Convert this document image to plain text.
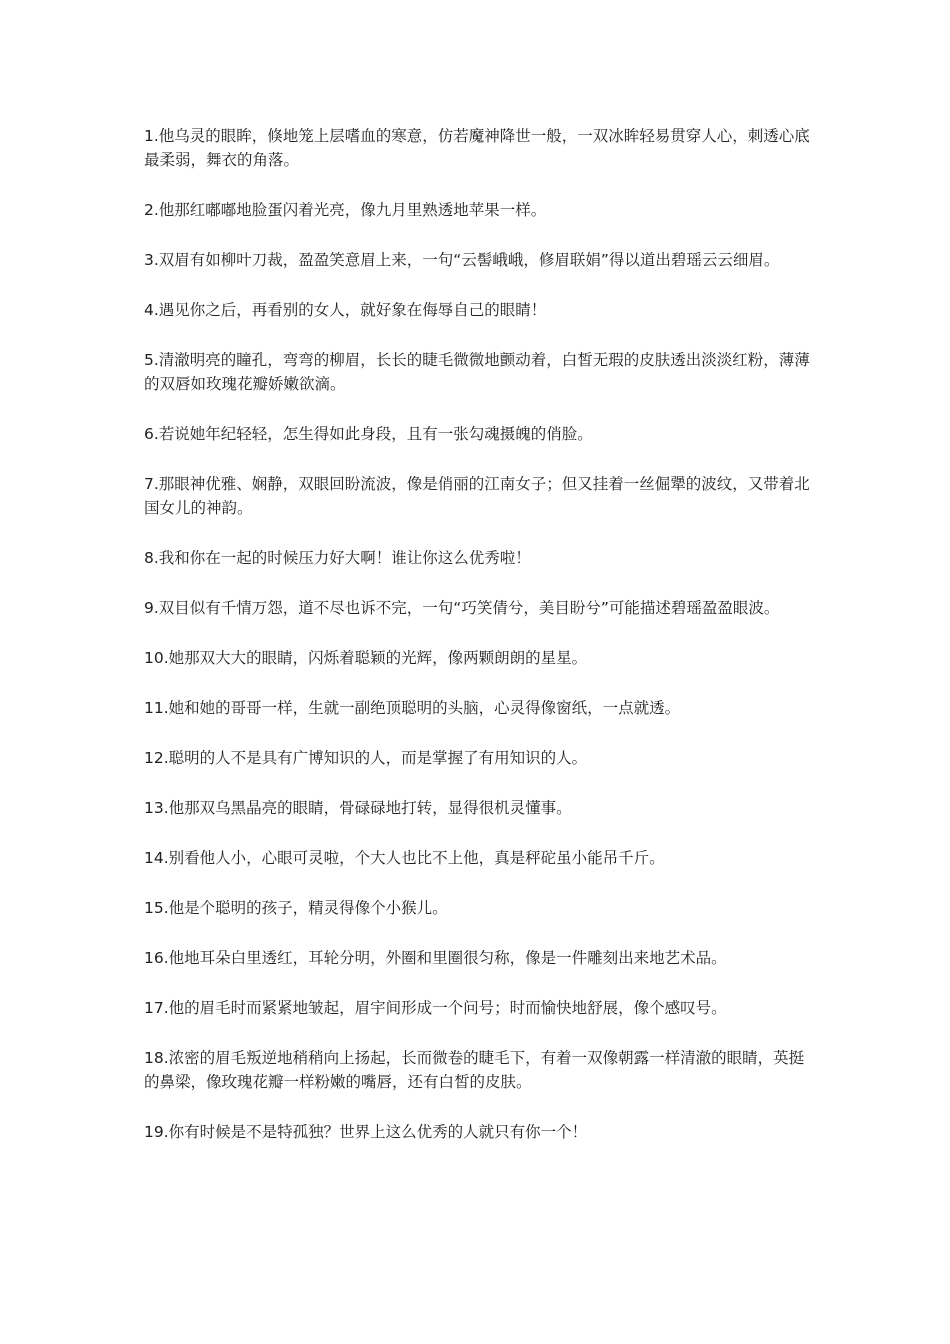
1.他乌灵的眼眸，倏地笼上层嗜血的寒意，仿若魔神降世一般，一双冰眸轻易贯穿人心，刺透心底最柔弱，舞衣的角落。

2.他那红嘟嘟地脸蛋闪着光亮，像九月里熟透地苹果一样。

3.双眉有如柳叶刀裁，盈盈笑意眉上来，一句“云髻峨峨，修眉联娟”得以道出碧瑶云云细眉。

4.遇见你之后，再看别的女人，就好象在侮辱自己的眼睛！

5.清澈明亮的瞳孔，弯弯的柳眉，长长的睫毛微微地颤动着，白皙无瑕的皮肤透出淡淡红粉，薄薄的双唇如玫瑰花瓣娇嫩欲滴。

6.若说她年纪轻轻，怎生得如此身段，且有一张勾魂摄魄的俏脸。

7.那眼神优雅、娴静，双眼回盼流波，像是俏丽的江南女子；但又挂着一丝倔犟的波纹，又带着北国女儿的神韵。

8.我和你在一起的时候压力好大啊！谁让你这么优秀啦！

9.双目似有千情万怨，道不尽也诉不完，一句“巧笑倩兮，美目盼兮”可能描述碧瑶盈盈眼波。

10.她那双大大的眼睛，闪烁着聪颖的光辉，像两颗朗朗的星星。

11.她和她的哥哥一样，生就一副绝顶聪明的头脑，心灵得像窗纸，一点就透。

12.聪明的人不是具有广博知识的人，而是掌握了有用知识的人。

13.他那双乌黑晶亮的眼睛，骨碌碌地打转，显得很机灵懂事。

14.别看他人小，心眼可灵啦，个大人也比不上他，真是秤砣虽小能吊千斤。

15.他是个聪明的孩子，精灵得像个小猴儿。

16.他地耳朵白里透红，耳轮分明，外圈和里圈很匀称，像是一件雕刻出来地艺术品。

17.他的眉毛时而紧紧地皱起，眉宇间形成一个问号；时而愉快地舒展，像个感叹号。

18.浓密的眉毛叛逆地稍稍向上扬起，长而微卷的睫毛下，有着一双像朝露一样清澈的眼睛，英挺的鼻梁，像玫瑰花瓣一样粉嫩的嘴唇，还有白皙的皮肤。

19.你有时候是不是特孤独？世界上这么优秀的人就只有你一个！
